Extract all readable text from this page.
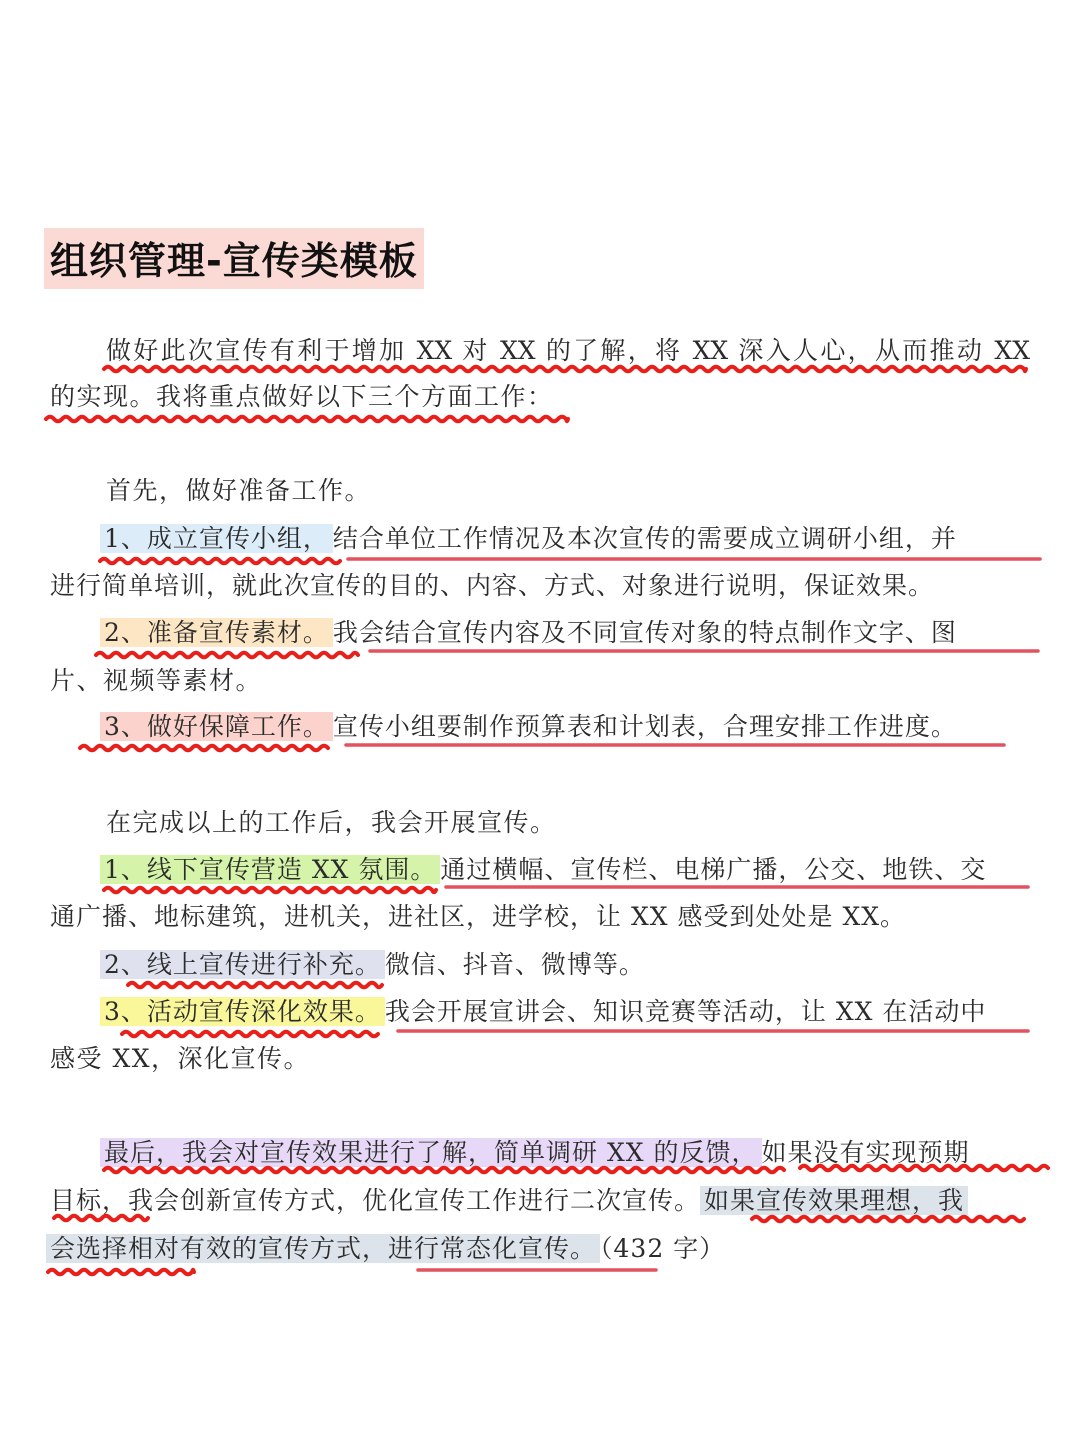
组织管理-宣传类模板
做好此次宣传有利于增加 XX 对 XX 的了解，将 XX 深入人心，从而推动 XX
的实现。我将重点做好以下三个方面工作：
首先，做好准备工作。
1、成立宣传小组， 结合单位工作情况及本次宣传的需要成立调研小组，并
进行简单培训，就此次宣传的目的、内容、方式、对象进行说明，保证效果。
2、准备宣传素材。 我会结合宣传内容及不同宣传对象的特点制作文字、图
片、视频等素材。
3、做好保障工作。 宣传小组要制作预算表和计划表，合理安排工作进度。
在完成以上的工作后，我会开展宣传。
1、线下宣传营造 XX 氛围。 通过横幅、宣传栏、电梯广播，公交、地铁、交
通广播、地标建筑，进机关，进社区，进学校，让 XX 感受到处处是 XX。
2、线上宣传进行补充。 微信、抖音、微博等。
3、活动宣传深化效果。 我会开展宣讲会、知识竞赛等活动，让 XX 在活动中
感受 XX，深化宣传。
最后，我会对宣传效果进行了解，简单调研 XX 的反馈， 如果没有实现预期
目标，我会创新宣传方式，优化宣传工作进行二次宣传。 如果宣传效果理想，我
会选择相对有效的宣传方式，进行常态化宣传。 （432 字）
